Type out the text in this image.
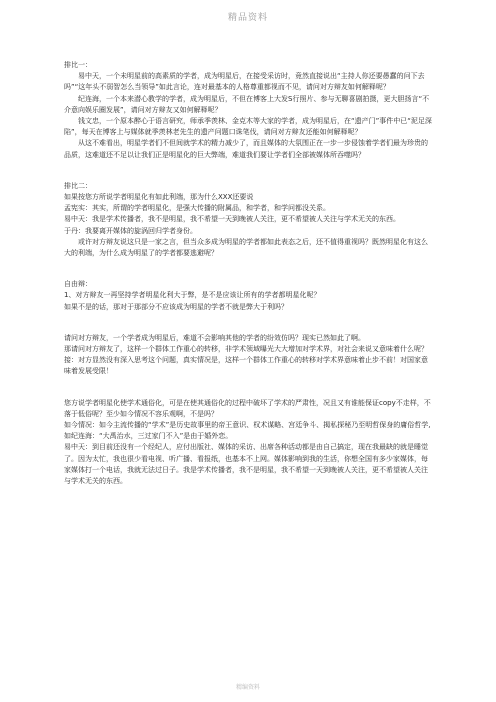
精品资料

排比一：

易中天，一个未明星前的高素质的学者，成为明星后，在接受采访时，竟然直接说出“主持人你还要愚蠢的问下去吗”“这年头不弱智怎么当领导”如此言论，连对最基本的人格尊重都视而不见，请问对方辩友如何解释呢？

纪连海，一个本来潜心教学的学者，成为明星后，不但在博客上大发S行照片、参与无聊喜剧拍摄，更大胆扬言“不介意向娱乐圈发展”，请问对方辩友又如何解释呢？

钱文忠，一个原本醉心于语言研究，师承季羡林、金克木等大家的学者，成为明星后，在“遗产门”事件中已“泥足深陷”，每天在博客上与媒体就季羡林老先生的遗产问题口诛笔伐，请问对方辩友还能如何解释呢？

从这不难看出，明星学者们不但间就学术的精力减少了，而且媒体的大氛围正在一步一步侵蚀着学者们最为珍贵的品质，这难道还不足以让我们正是明星化的巨大弊端，难道我们要让学者们全部被媒体所吞噬吗？

排比二：

如果按您方所说学者明星化有如此利端，那为什么XXX还要说

孟宪实：其实，所谓的学者明星化，是强大传播的附属品，和学者，和学问都没关系。

易中天：我是学术传播者，我不是明星，我不希望一天到晚被人关注，更不希望被人关注与学术无关的东西。

于丹：我要离开媒体的旋涡回归学者身份。

或许对方辩友说这只是一家之言，但当众多成为明星的学者都如此表态之后，还不值得重视吗？既然明星化有这么大的利端，为什么成为明星了的学者都要逃避呢？

自由辩：

1、对方辩友一再坚持学者明星化利大于弊，是不是应该让所有的学者都明星化呢？

如果不是的话，那对于那部分不应该成为明星的学者不就是弊大于利吗？

请问对方辩友，一个学者成为明星后，难道不会影响其他的学者的纷效仿吗？现实已然如此了啊。

那请问对方辩友了，这样一个群体工作重心的转移，非学术领域曝光大大增加对学术界，对社会来说又意味着什么呢？

接：对方显然没有深入思考这个问题，真实情况是，这样一个群体工作重心的转移对学术界意味着止步不前！对国家意味着发展受限！

您方说学者明星化使学术通俗化，可是在使其通俗化的过程中破坏了学术的严肃性，况且又有谁能保证copy不走样，不落于低俗呢？至少如今情况不容乐观啊，不是吗？

如今情况：如今主流传播的“学术”是历史故事里的帝王意识、权术谋略、宫廷争斗、揭私探秘乃至明哲保身的庸俗哲学,如纪连海：“大禹治水，三过家门不入”是由于婚外恋。

易中天：到目前还没有一个经纪人，应付出版社、媒体的采访、出席各种活动都是由自己搞定，现在我最缺的就是睡觉了。因为太忙，我也很少看电视、听广播、看报纸，也基本不上网。媒体影响到我的生活，你想全国有多少家媒体，每家媒体打一个电话，我就无法过日子。我是学术传播者，我不是明星，我不希望一天到晚被人关注，更不希望被人关注与学术无关的东西。

精编资料
